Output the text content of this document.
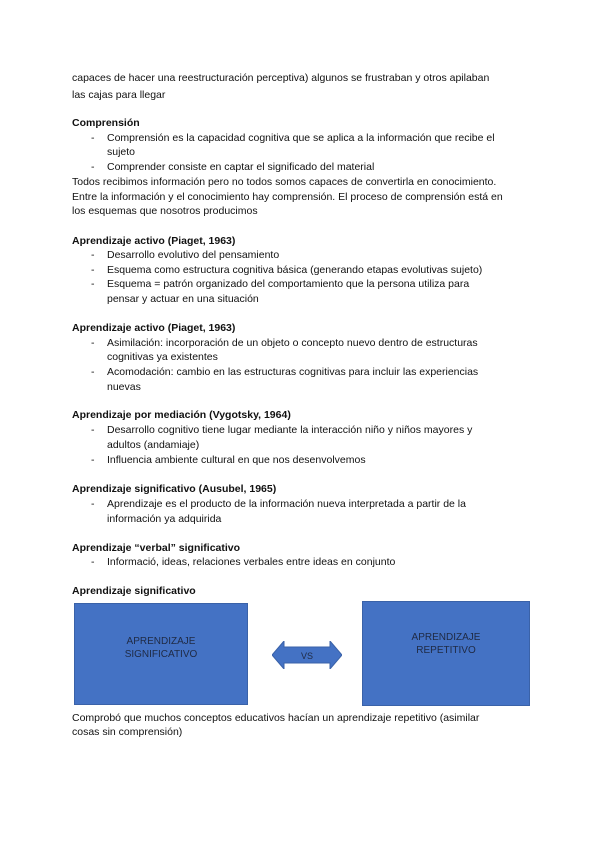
capaces de hacer una reestructuración perceptiva) algunos se frustraban y otros apilaban
las cajas para llegar
Comprensión
- Comprensión es la capacidad cognitiva que se aplica a la información que recibe el
sujeto
- Comprender consiste en captar el significado del material
Todos recibimos información pero no todos somos capaces de convertirla en conocimiento.
Entre la información y el conocimiento hay comprensión. El proceso de comprensión está en
los esquemas que nosotros producimos
Aprendizaje activo (Piaget, 1963)
- Desarrollo evolutivo del pensamiento
- Esquema como estructura cognitiva básica (generando etapas evolutivas sujeto)
- Esquema = patrón organizado del comportamiento que la persona utiliza para
pensar y actuar en una situación
Aprendizaje activo (Piaget, 1963)
- Asimilación: incorporación de un objeto o concepto nuevo dentro de estructuras
cognitivas ya existentes
- Acomodación: cambio en las estructuras cognitivas para incluir las experiencias
nuevas
Aprendizaje por mediación (Vygotsky, 1964)
- Desarrollo cognitivo tiene lugar mediante la interacción niño y niños mayores y
adultos (andamiaje)
- Influencia ambiente cultural en que nos desenvolvemos
Aprendizaje significativo (Ausubel, 1965)
- Aprendizaje es el producto de la información nueva interpretada a partir de la
información ya adquirida
Aprendizaje “verbal” significativo
- Informació, ideas, relaciones verbales entre ideas en conjunto
Aprendizaje significativo
APRENDIZAJE
SIGNIFICATIVO	VS
APRENDIZAJE
REPETITIVO
Comprobó que muchos conceptos educativos hacían un aprendizaje repetitivo (asimilar
cosas sin comprensión)
